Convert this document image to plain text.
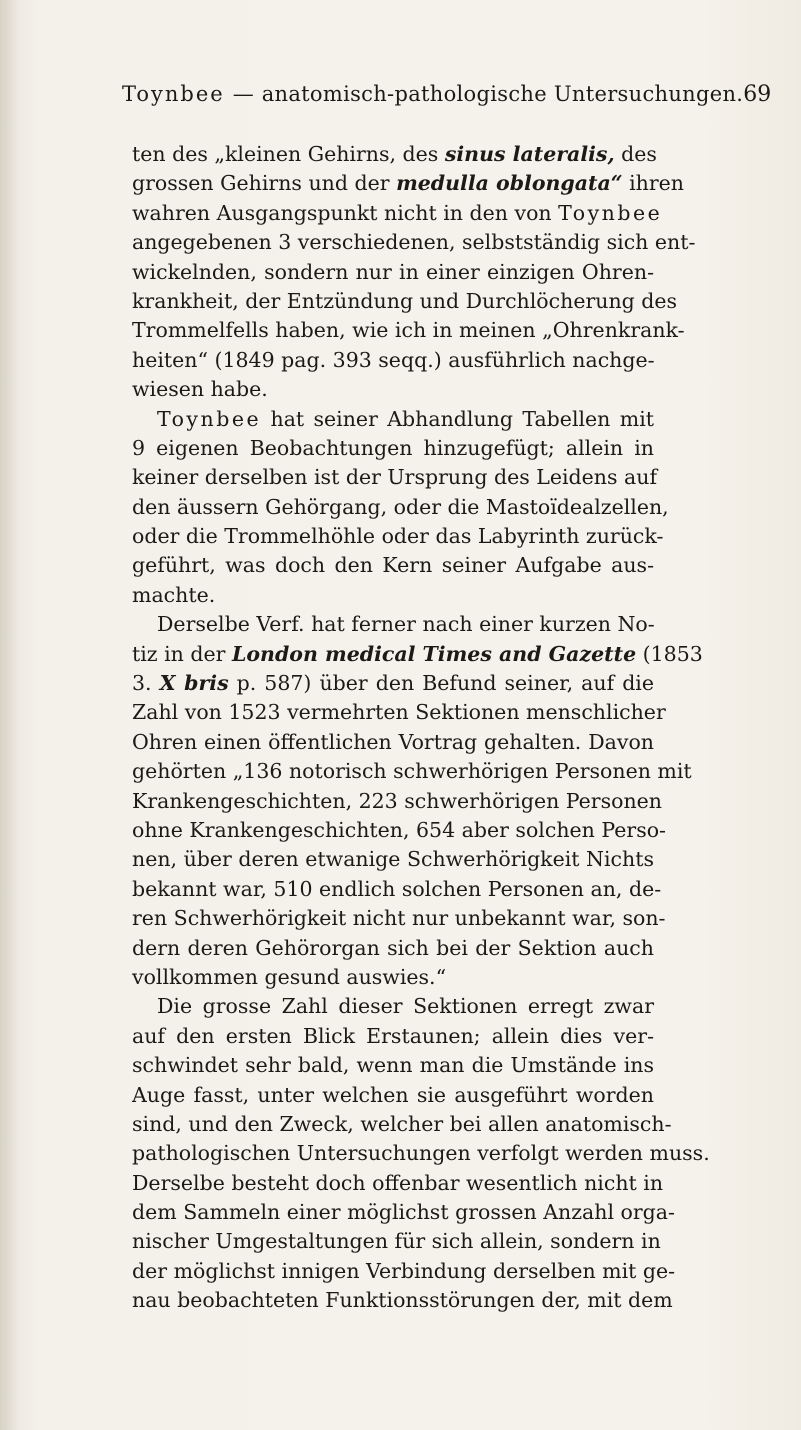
Toynbee — anatomisch-pathologische Untersuchungen. 69
ten des „kleinen Gehirns, des sinus lateralis, des
grossen Gehirns und der medulla oblongata“ ihren
wahren Ausgangspunkt nicht in den von Toynbee
angegebenen 3 verschiedenen, selbstständig sich ent-
wickelnden, sondern nur in einer einzigen Ohren-
krankheit, der Entzündung und Durchlöcherung des
Trommelfells haben, wie ich in meinen „Ohrenkrank-
heiten“ (1849 pag. 393 seqq.) ausführlich nachge-
wiesen habe.
Toynbee hat seiner Abhandlung Tabellen mit
9 eigenen Beobachtungen hinzugefügt; allein in
keiner derselben ist der Ursprung des Leidens auf
den äussern Gehörgang, oder die Mastoïdealzellen,
oder die Trommelhöhle oder das Labyrinth zurück-
geführt, was doch den Kern seiner Aufgabe aus-
machte.
Derselbe Verf. hat ferner nach einer kurzen No-
tiz in der London medical Times and Gazette (1853
3. X bris p. 587) über den Befund seiner, auf die
Zahl von 1523 vermehrten Sektionen menschlicher
Ohren einen öffentlichen Vortrag gehalten. Davon
gehörten „136 notorisch schwerhörigen Personen mit
Krankengeschichten, 223 schwerhörigen Personen
ohne Krankengeschichten, 654 aber solchen Perso-
nen, über deren etwanige Schwerhörigkeit Nichts
bekannt war, 510 endlich solchen Personen an, de-
ren Schwerhörigkeit nicht nur unbekannt war, son-
dern deren Gehörorgan sich bei der Sektion auch
vollkommen gesund auswies.“
Die grosse Zahl dieser Sektionen erregt zwar
auf den ersten Blick Erstaunen; allein dies ver-
schwindet sehr bald, wenn man die Umstände ins
Auge fasst, unter welchen sie ausgeführt worden
sind, und den Zweck, welcher bei allen anatomisch-
pathologischen Untersuchungen verfolgt werden muss.
Derselbe besteht doch offenbar wesentlich nicht in
dem Sammeln einer möglichst grossen Anzahl orga-
nischer Umgestaltungen für sich allein, sondern in
der möglichst innigen Verbindung derselben mit ge-
nau beobachteten Funktionsstörungen der, mit dem
